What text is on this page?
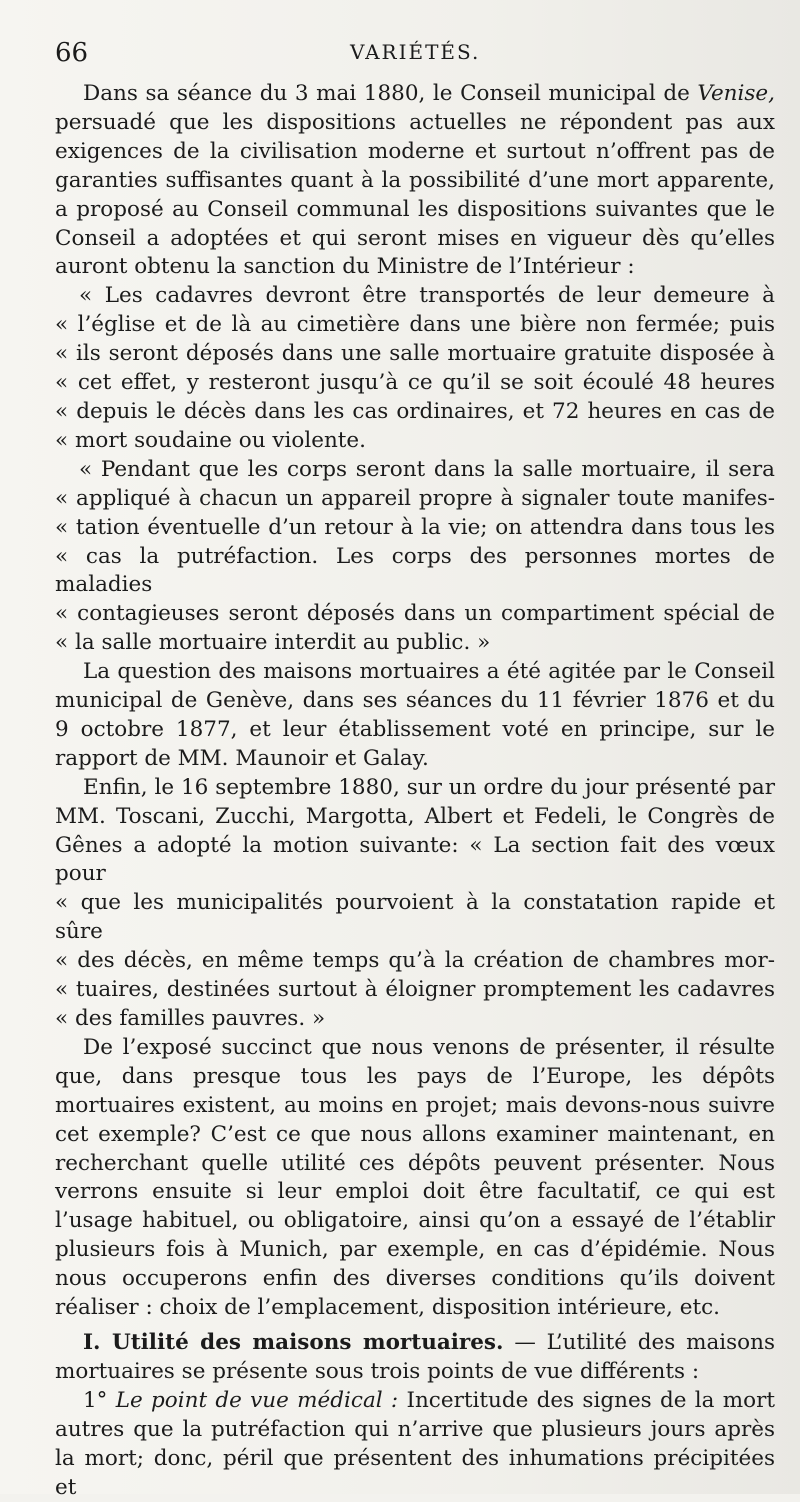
66	VARIÉTÉS.

Dans sa séance du 3 mai 1880, le Conseil municipal de Venise, persuadé que les dispositions actuelles ne répondent pas aux exigences de la civilisation moderne et surtout n’offrent pas de garanties suffisantes quant à la possibilité d’une mort apparente, a proposé au Conseil communal les dispositions suivantes que le Conseil a adoptées et qui seront mises en vigueur dès qu’elles auront obtenu la sanction du Ministre de l’Intérieur :

« Les cadavres devront être transportés de leur demeure à
« l’église et de là au cimetière dans une bière non fermée; puis
« ils seront déposés dans une salle mortuaire gratuite disposée à
« cet effet, y resteront jusqu’à ce qu’il se soit écoulé 48 heures
« depuis le décès dans les cas ordinaires, et 72 heures en cas de
« mort soudaine ou violente.
« Pendant que les corps seront dans la salle mortuaire, il sera
« appliqué à chacun un appareil propre à signaler toute manifes-
« tation éventuelle d’un retour à la vie; on attendra dans tous les
« cas la putréfaction. Les corps des personnes mortes de maladies
« contagieuses seront déposés dans un compartiment spécial de
« la salle mortuaire interdit au public. »

La question des maisons mortuaires a été agitée par le Conseil municipal de Genève, dans ses séances du 11 février 1876 et du 9 octobre 1877, et leur établissement voté en principe, sur le rapport de MM. Maunoir et Galay.

Enfin, le 16 septembre 1880, sur un ordre du jour présenté par MM. Toscani, Zucchi, Margotta, Albert et Fedeli, le Congrès de Gênes a adopté la motion suivante: « La section fait des vœux pour

« que les municipalités pourvoient à la constatation rapide et sûre
« des décès, en même temps qu’à la création de chambres mor-
« tuaires, destinées surtout à éloigner promptement les cadavres
« des familles pauvres. »

De l’exposé succinct que nous venons de présenter, il résulte que, dans presque tous les pays de l’Europe, les dépôts mortuaires existent, au moins en projet; mais devons-nous suivre cet exemple? C’est ce que nous allons examiner maintenant, en recherchant quelle utilité ces dépôts peuvent présenter. Nous verrons ensuite si leur emploi doit être facultatif, ce qui est l’usage habituel, ou obligatoire, ainsi qu’on a essayé de l’établir plusieurs fois à Munich, par exemple, en cas d’épidémie. Nous nous occuperons enfin des diverses conditions qu’ils doivent réaliser : choix de l’emplacement, disposition intérieure, etc.

I. Utilité des maisons mortuaires. — L’utilité des maisons mortuaires se présente sous trois points de vue différents :

1° Le point de vue médical : Incertitude des signes de la mort autres que la putréfaction qui n’arrive que plusieurs jours après la mort; donc, péril que présentent des inhumations précipitées et
